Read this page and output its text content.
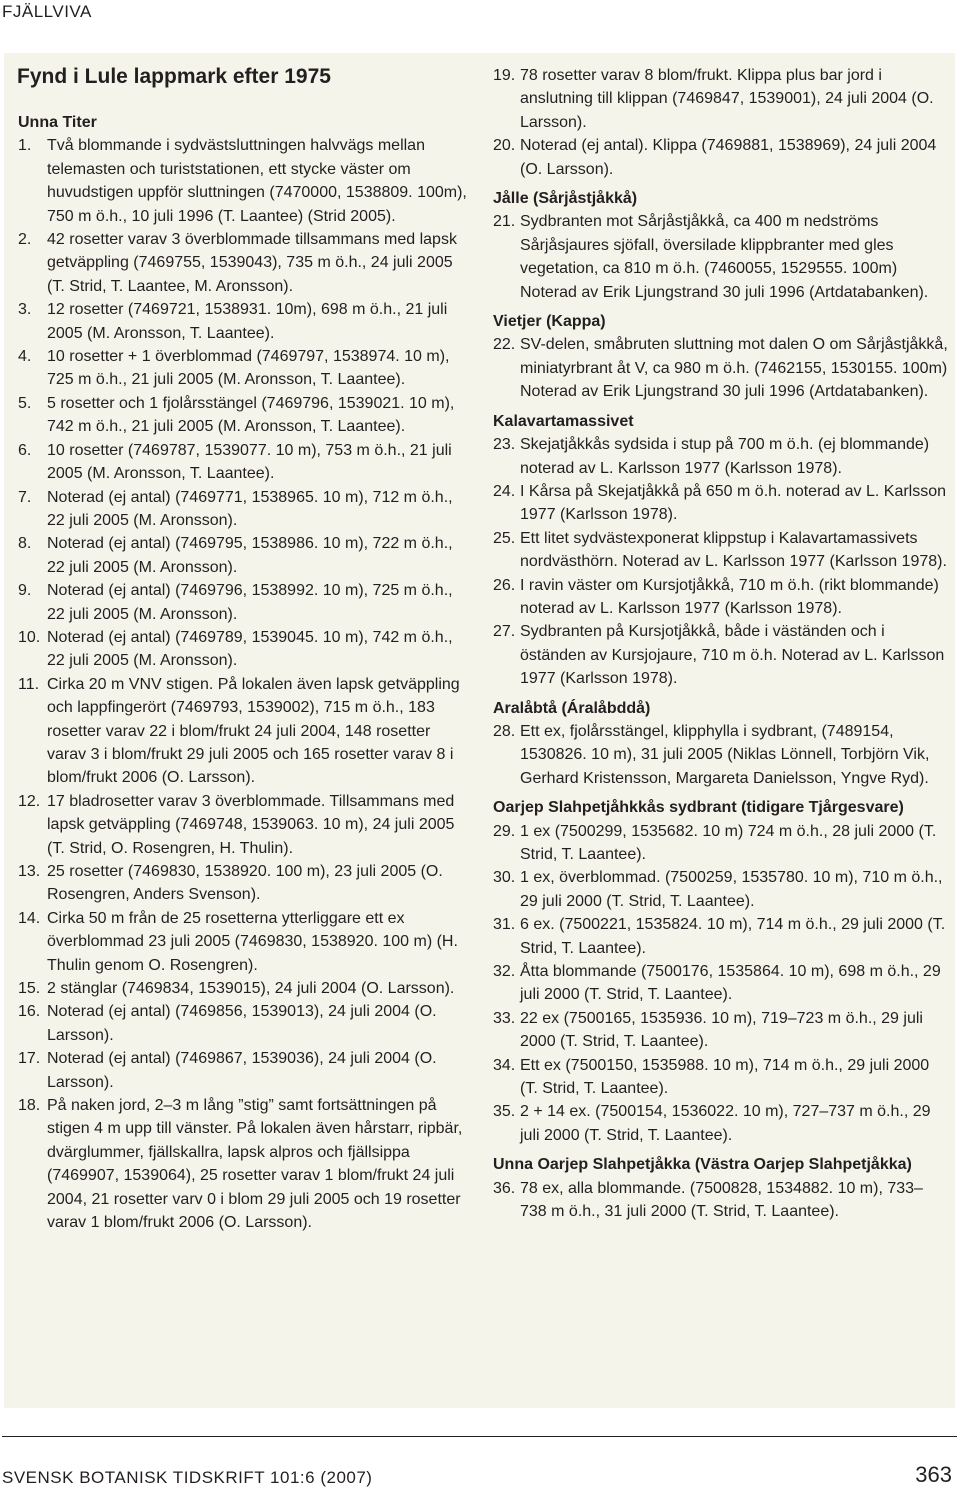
FJÄLLVIVA
Fynd i Lule lappmark efter 1975
Unna Titer
1. Två blommande i sydvästsluttningen halvvägs mellan telemasten och turiststationen, ett stycke väster om huvudstigen uppför sluttningen (7470000, 1538809. 100m), 750 m ö.h., 10 juli 1996 (T. Laantee) (Strid 2005).
2. 42 rosetter varav 3 överblommade tillsammans med lapsk getväppling (7469755, 1539043), 735 m ö.h., 24 juli 2005 (T. Strid, T. Laantee, M. Aronsson).
3. 12 rosetter (7469721, 1538931. 10m), 698 m ö.h., 21 juli 2005 (M. Aronsson, T. Laantee).
4. 10 rosetter + 1 överblommad (7469797, 1538974. 10 m), 725 m ö.h., 21 juli 2005 (M. Aronsson, T. Laantee).
5. 5 rosetter och 1 fjolårsstängel (7469796, 1539021. 10 m), 742 m ö.h., 21 juli 2005 (M. Aronsson, T. Laantee).
6. 10 rosetter (7469787, 1539077. 10 m), 753 m ö.h., 21 juli 2005 (M. Aronsson, T. Laantee).
7. Noterad (ej antal) (7469771, 1538965. 10 m), 712 m ö.h., 22 juli 2005 (M. Aronsson).
8. Noterad (ej antal) (7469795, 1538986. 10 m), 722 m ö.h., 22 juli 2005 (M. Aronsson).
9. Noterad (ej antal) (7469796, 1538992. 10 m), 725 m ö.h., 22 juli 2005 (M. Aronsson).
10. Noterad (ej antal) (7469789, 1539045. 10 m), 742 m ö.h., 22 juli 2005 (M. Aronsson).
11. Cirka 20 m VNV stigen. På lokalen även lapsk getväppling och lappfingerört (7469793, 1539002), 715 m ö.h., 183 rosetter varav 22 i blom/frukt 24 juli 2004, 148 rosetter varav 3 i blom/frukt 29 juli 2005 och 165 rosetter varav 8 i blom/frukt 2006 (O. Larsson).
12. 17 bladrosetter varav 3 överblommade. Tillsammans med lapsk getväppling (7469748, 1539063. 10 m), 24 juli 2005 (T. Strid, O. Rosengren, H. Thulin).
13. 25 rosetter (7469830, 1538920. 100 m), 23 juli 2005 (O. Rosengren, Anders Svenson).
14. Cirka 50 m från de 25 rosetterna ytterliggare ett ex överblommad 23 juli 2005 (7469830, 1538920. 100 m) (H. Thulin genom O. Rosengren).
15. 2 stänglar (7469834, 1539015), 24 juli 2004 (O. Larsson).
16. Noterad (ej antal) (7469856, 1539013), 24 juli 2004 (O. Larsson).
17. Noterad (ej antal) (7469867, 1539036), 24 juli 2004 (O. Larsson).
18. På naken jord, 2–3 m lång ”stig” samt fortsättningen på stigen 4 m upp till vänster. På lokalen även hårstarr, ripbär, dvärglummer, fjällskallra, lapsk alpros och fjällsippa (7469907, 1539064), 25 rosetter varav 1 blom/frukt 24 juli 2004, 21 rosetter varv 0 i blom 29 juli 2005 och 19 rosetter varav 1 blom/frukt 2006 (O. Larsson).
19. 78 rosetter varav 8 blom/frukt. Klippa plus bar jord i anslutning till klippan (7469847, 1539001), 24 juli 2004 (O. Larsson).
20. Noterad (ej antal). Klippa (7469881, 1538969), 24 juli 2004 (O. Larsson).
Jålle (Sårjåstjåkkå)
21. Sydbranten mot Sårjåstjåkkå, ca 400 m nedströms Sårjåsjaures sjöfall, översilade klippbranter med gles vegetation, ca 810 m ö.h. (7460055, 1529555. 100m) Noterad av Erik Ljungstrand 30 juli 1996 (Artdatabanken).
Vietjer (Kappa)
22. SV-delen, småbruten sluttning mot dalen O om Sårjåstjåkkå, miniatyrbrant åt V, ca 980 m ö.h. (7462155, 1530155. 100m) Noterad av Erik Ljungstrand 30 juli 1996 (Artdatabanken).
Kalavartamassivet
23. Skejatjåkkås sydsida i stup på 700 m ö.h. (ej blommande) noterad av L. Karlsson 1977 (Karlsson 1978).
24. I Kårsa på Skejatjåkkå på 650 m ö.h. noterad av L. Karlsson 1977 (Karlsson 1978).
25. Ett litet sydvästexponerat klippstup i Kalavartamassivets nordvästhörn. Noterad av L. Karlsson 1977 (Karlsson 1978).
26. I ravin väster om Kursjotjåkkå, 710 m ö.h. (rikt blommande) noterad av L. Karlsson 1977 (Karlsson 1978).
27. Sydbranten på Kursjotjåkkå, både i väständen och i öständen av Kursjojaure, 710 m ö.h. Noterad av L. Karlsson 1977 (Karlsson 1978).
Aralåbtå (Áralåbddå)
28. Ett ex, fjolårsstängel, klipphylla i sydbrant, (7489154, 1530826. 10 m), 31 juli 2005 (Niklas Lönnell, Torbjörn Vik, Gerhard Kristensson, Margareta Danielsson, Yngve Ryd).
Oarjep Slahpetjåhkkås sydbrant (tidigare Tjårgesvare)
29. 1 ex (7500299, 1535682. 10 m) 724 m ö.h., 28 juli 2000 (T. Strid, T. Laantee).
30. 1 ex, överblommad. (7500259, 1535780. 10 m), 710 m ö.h., 29 juli 2000 (T. Strid, T. Laantee).
31. 6 ex. (7500221, 1535824. 10 m), 714 m ö.h., 29 juli 2000 (T. Strid, T. Laantee).
32. Åtta blommande (7500176, 1535864. 10 m), 698 m ö.h., 29 juli 2000 (T. Strid, T. Laantee).
33. 22 ex (7500165, 1535936. 10 m), 719–723 m ö.h., 29 juli 2000 (T. Strid, T. Laantee).
34. Ett ex (7500150, 1535988. 10 m), 714 m ö.h., 29 juli 2000 (T. Strid, T. Laantee).
35. 2 + 14 ex. (7500154, 1536022. 10 m), 727–737 m ö.h., 29 juli 2000 (T. Strid, T. Laantee).
Unna Oarjep Slahpetjåkka (Västra Oarjep Slahpetjåkka)
36. 78 ex, alla blommande. (7500828, 1534882. 10 m), 733–738 m ö.h., 31 juli 2000 (T. Strid, T. Laantee).
SVENSK BOTANISK TIDSKRIFT 101:6 (2007)	363
